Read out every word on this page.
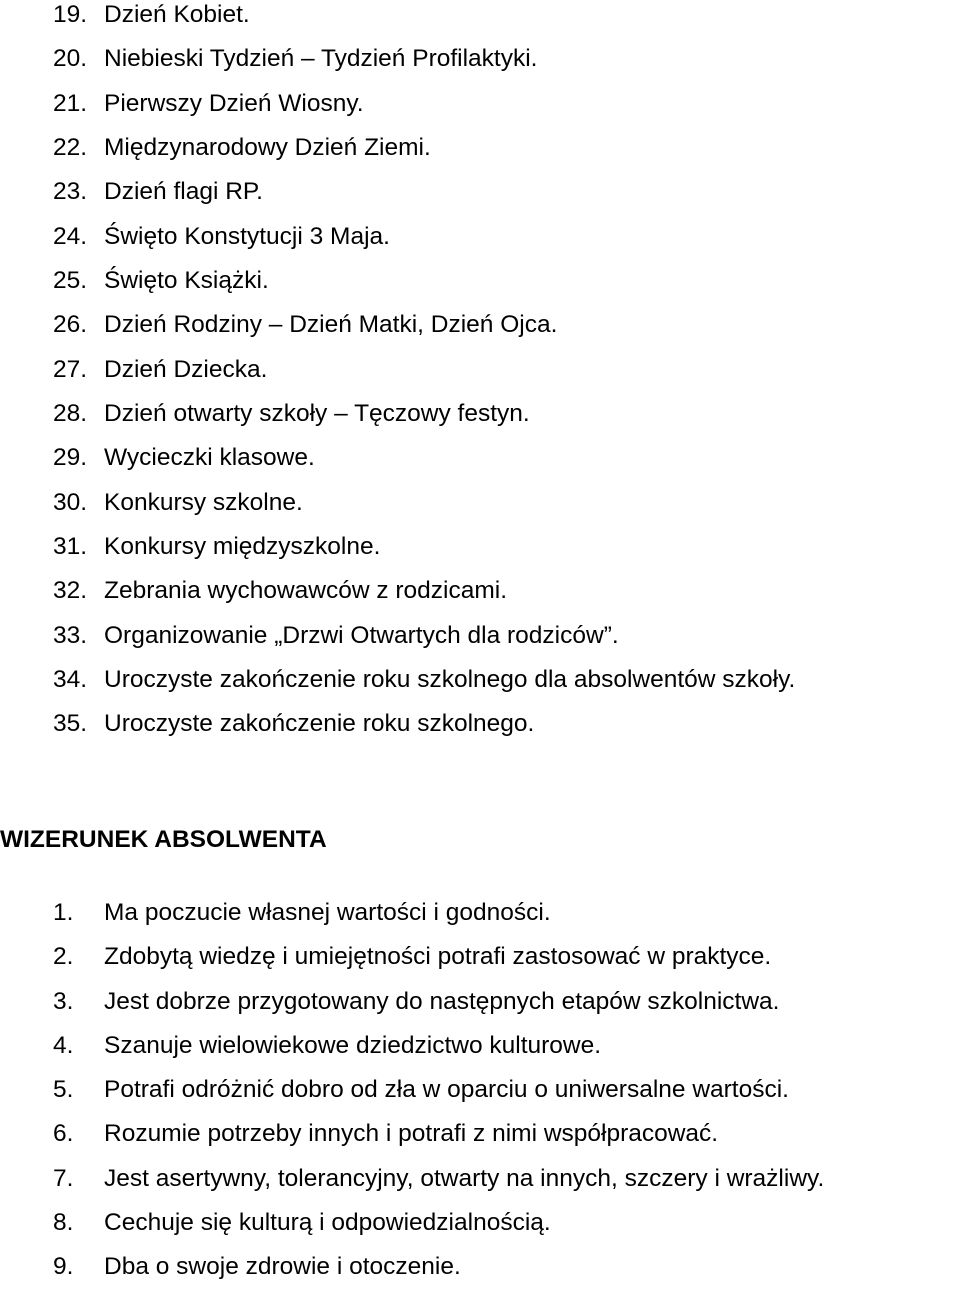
19. Dzień Kobiet.
20. Niebieski Tydzień – Tydzień Profilaktyki.
21. Pierwszy Dzień Wiosny.
22. Międzynarodowy Dzień Ziemi.
23. Dzień flagi RP.
24. Święto Konstytucji 3 Maja.
25. Święto Książki.
26. Dzień Rodziny – Dzień Matki, Dzień Ojca.
27. Dzień Dziecka.
28. Dzień otwarty szkoły – Tęczowy festyn.
29. Wycieczki klasowe.
30. Konkursy szkolne.
31. Konkursy międzyszkolne.
32. Zebrania wychowawców z rodzicami.
33. Organizowanie „Drzwi Otwartych dla rodziców”.
34. Uroczyste zakończenie roku szkolnego dla absolwentów szkoły.
35. Uroczyste zakończenie roku szkolnego.
WIZERUNEK ABSOLWENTA
1. Ma poczucie własnej wartości i godności.
2. Zdobytą wiedzę i umiejętności potrafi zastosować w praktyce.
3. Jest dobrze przygotowany do następnych etapów szkolnictwa.
4. Szanuje wielowiekowe dziedzictwo kulturowe.
5. Potrafi odróżnić dobro od zła w oparciu o uniwersalne wartości.
6. Rozumie potrzeby innych i potrafi z nimi współpracować.
7. Jest asertywny, tolerancyjny, otwarty na innych, szczery i wrażliwy.
8. Cechuje się kulturą i odpowiedzialnością.
9. Dba o swoje zdrowie i otoczenie.
